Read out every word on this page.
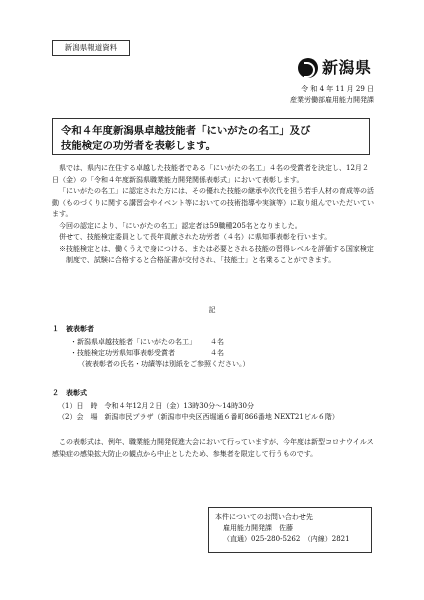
新潟県報道資料
新潟県
令 和 4 年 11 月 29 日
産業労働部雇用能力開発課
令和４年度新潟県卓越技能者「にいがたの名工」及び
技能検定の功労者を表彰します。

県では、県内に在住する卓越した技能者である「にいがたの名工」４名の受賞者を決定し、12月２日（金）の「令和４年度新潟県職業能力開発関係表彰式」において表彰します。

「にいがたの名工」に認定された方には、その優れた技能の継承や次代を担う若手人材の育成等の活動（ものづくりに関する講習会やイベント等においての技術指導や実演等）に取り組んでいただいています。

今回の認定により、「にいがたの名工」認定者は59職種205名となりました。

併せて、技能検定委員として長年貢献された功労者（４名）に県知事表彰を行います。

※技能検定とは、働くうえで身につける、または必要とされる技能の習得レベルを評価する国家検定制度で、試験に合格すると合格証書が交付され、「技能士」と名乗ることができます。

記
１　被表彰者
・新潟県卓越技能者「にいがたの名工」 ４名
・技能検定功労県知事表彰受賞者	４名
（被表彰者の氏名・功績等は別紙をご参照ください。）
２　表彰式
（1）日　時　令和４年12月２日（金）13時30分～14時30分
（2）会　場　新潟市民プラザ（新潟市中央区西堀通６番町866番地 NEXT21ビル６階）

この表彰式は、例年、職業能力開発促進大会において行っていますが、今年度は新型コロナウイルス感染症の感染拡大防止の観点から中止としたため、参集者を限定して行うものです。

本件についてのお問い合わせ先
雇用能力開発課　佐藤
（直通）025-280-5262　（内線）2821
